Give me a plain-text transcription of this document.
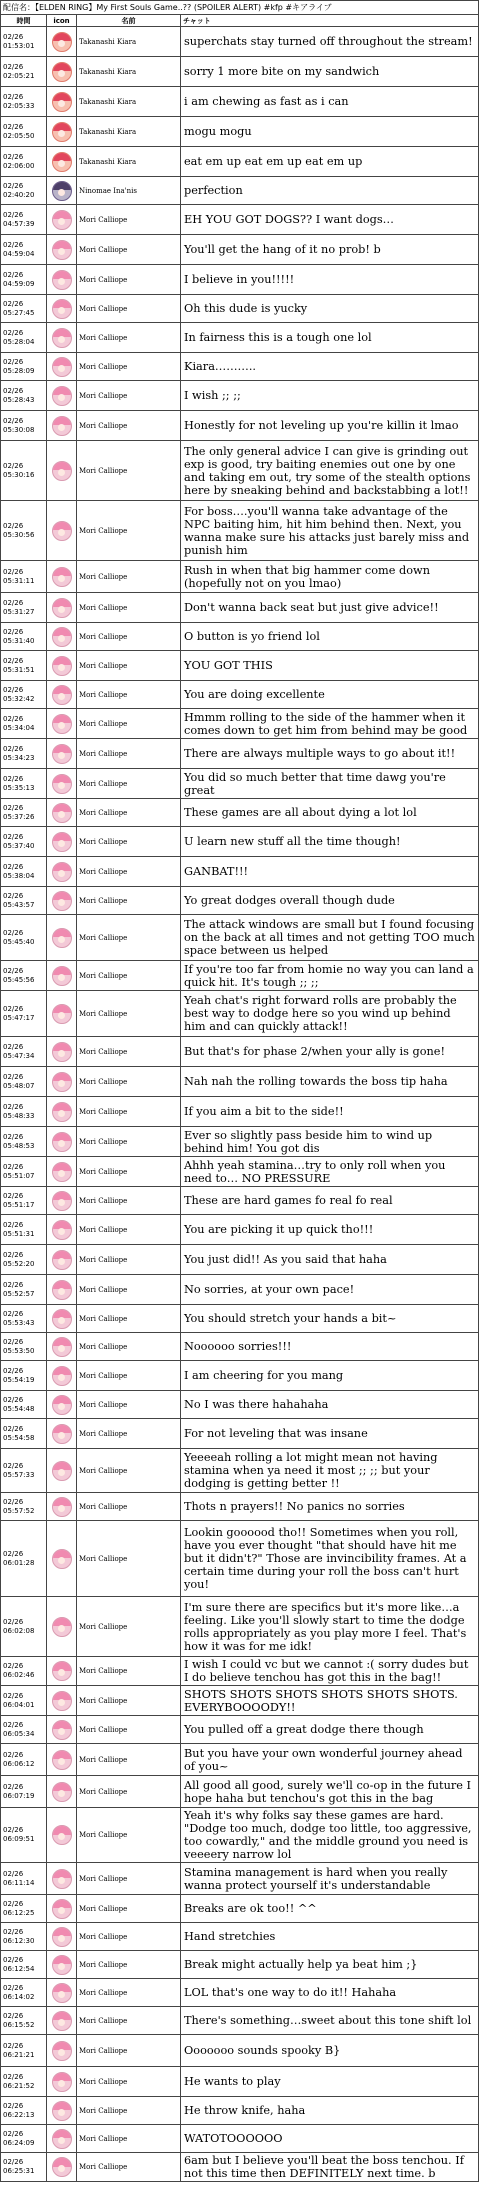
配信名：【ELDEN RING】My First Souls Game..?? (SPOILER ALERT) #kfp #キアライブ
時間	icon	名前	チャット
02/26 01:53:01		Takanashi Kiara	superchats stay turned off throughout the stream!
02/26 02:05:21		Takanashi Kiara	sorry 1 more bite on my sandwich
02/26 02:05:33		Takanashi Kiara	i am chewing as fast as i can
02/26 02:05:50		Takanashi Kiara	mogu mogu
02/26 02:06:00		Takanashi Kiara	eat em up eat em up eat em up
02/26 02:40:20		Ninomae Ina'nis	perfection
02/26 04:57:39		Mori Calliope	EH YOU GOT DOGS?? I want dogs…
02/26 04:59:04		Mori Calliope	You'll get the hang of it no prob! b
02/26 04:59:09		Mori Calliope	I believe in you!!!!!
02/26 05:27:45		Mori Calliope	Oh this dude is yucky
02/26 05:28:04		Mori Calliope	In fairness this is a tough one lol
02/26 05:28:09		Mori Calliope	Kiara………..
02/26 05:28:43		Mori Calliope	I wish ;; ;;
02/26 05:30:08		Mori Calliope	Honestly for not leveling up you're killin it lmao
02/26 05:30:16		Mori Calliope	The only general advice I can give is grinding out exp is good, try baiting enemies out one by one and taking em out, try some of the stealth options here by sneaking behind and backstabbing a lot!!
02/26 05:30:56		Mori Calliope	For boss….you'll wanna take advantage of the NPC baiting him, hit him behind then. Next, you wanna make sure his attacks just barely miss and punish him
02/26 05:31:11		Mori Calliope	Rush in when that big hammer come down (hopefully not on you lmao)
02/26 05:31:27		Mori Calliope	Don't wanna back seat but just give advice!!
02/26 05:31:40		Mori Calliope	O button is yo friend lol
02/26 05:31:51		Mori Calliope	YOU GOT THIS
02/26 05:32:42		Mori Calliope	You are doing excellente
02/26 05:34:04		Mori Calliope	Hmmm rolling to the side of the hammer when it comes down to get him from behind may be good
02/26 05:34:23		Mori Calliope	There are always multiple ways to go about it!!
02/26 05:35:13		Mori Calliope	You did so much better that time dawg you're great
02/26 05:37:26		Mori Calliope	These games are all about dying a lot lol
02/26 05:37:40		Mori Calliope	U learn new stuff all the time though!
02/26 05:38:04		Mori Calliope	GANBAT!!!
02/26 05:43:57		Mori Calliope	Yo great dodges overall though dude
02/26 05:45:40		Mori Calliope	The attack windows are small but I found focusing on the back at all times and not getting TOO much space between us helped
02/26 05:45:56		Mori Calliope	If you're too far from homie no way you can land a quick hit. It's tough ;; ;;
02/26 05:47:17		Mori Calliope	Yeah chat's right forward rolls are probably the best way to dodge here so you wind up behind him and can quickly attack!!
02/26 05:47:34		Mori Calliope	But that's for phase 2/when your ally is gone!
02/26 05:48:07		Mori Calliope	Nah nah the rolling towards the boss tip haha
02/26 05:48:33		Mori Calliope	If you aim a bit to the side!!
02/26 05:48:53		Mori Calliope	Ever so slightly pass beside him to wind up behind him! You got dis
02/26 05:51:07		Mori Calliope	Ahhh yeah stamina…try to only roll when you need to… NO PRESSURE
02/26 05:51:17		Mori Calliope	These are hard games fo real fo real
02/26 05:51:31		Mori Calliope	You are picking it up quick tho!!!
02/26 05:52:20		Mori Calliope	You just did!! As you said that haha
02/26 05:52:57		Mori Calliope	No sorries, at your own pace!
02/26 05:53:43		Mori Calliope	You should stretch your hands a bit~
02/26 05:53:50		Mori Calliope	Noooooo sorries!!!
02/26 05:54:19		Mori Calliope	I am cheering for you mang
02/26 05:54:48		Mori Calliope	No I was there hahahaha
02/26 05:54:58		Mori Calliope	For not leveling that was insane
02/26 05:57:33		Mori Calliope	Yeeeeah rolling a lot might mean not having stamina when ya need it most ;; ;; but your dodging is getting better !!
02/26 05:57:52		Mori Calliope	Thots n prayers!! No panics no sorries
02/26 06:01:28		Mori Calliope	Lookin goooood tho!! Sometimes when you roll, have you ever thought "that should have hit me but it didn't?" Those are invincibility frames. At a certain time during your roll the boss can't hurt you!
02/26 06:02:08		Mori Calliope	I'm sure there are specifics but it's more like…a feeling. Like you'll slowly start to time the dodge rolls appropriately as you play more I feel. That's how it was for me idk!
02/26 06:02:46		Mori Calliope	I wish I could vc but we cannot :( sorry dudes but I do believe tenchou has got this in the bag!!
02/26 06:04:01		Mori Calliope	SHOTS SHOTS SHOTS SHOTS SHOTS SHOTS. EVERYBOOOODY!!
02/26 06:05:34		Mori Calliope	You pulled off a great dodge there though
02/26 06:06:12		Mori Calliope	But you have your own wonderful journey ahead of you~
02/26 06:07:19		Mori Calliope	All good all good, surely we'll co-op in the future I hope haha but tenchou's got this in the bag
02/26 06:09:51		Mori Calliope	Yeah it's why folks say these games are hard. "Dodge too much, dodge too little, too aggressive, too cowardly," and the middle ground you need is veeeery narrow lol
02/26 06:11:14		Mori Calliope	Stamina management is hard when you really wanna protect yourself it's understandable
02/26 06:12:25		Mori Calliope	Breaks are ok too!! ^^
02/26 06:12:30		Mori Calliope	Hand stretchies
02/26 06:12:54		Mori Calliope	Break might actually help ya beat him ;}
02/26 06:14:02		Mori Calliope	LOL that's one way to do it!! Hahaha
02/26 06:15:52		Mori Calliope	There's something…sweet about this tone shift lol
02/26 06:21:21		Mori Calliope	Ooooooo sounds spooky B}
02/26 06:21:52		Mori Calliope	He wants to play
02/26 06:22:13		Mori Calliope	He throw knife, haha
02/26 06:24:09		Mori Calliope	WATOTOOOOOO
02/26 06:25:31		Mori Calliope	6am but I believe you'll beat the boss tenchou. If not this time then DEFINITELY next time. b
